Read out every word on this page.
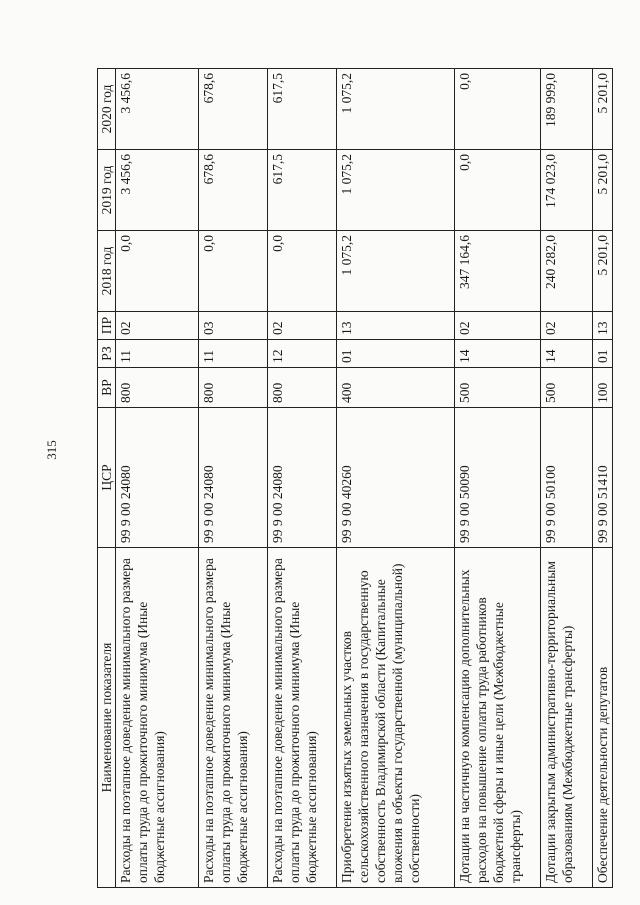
315
Наименование показателя	ЦСР	ВР	РЗ	ПР	2018 год	2019 год	2020 год
Расходы на поэтапное доведение минимального размера оплаты труда до прожиточного минимума (Иные бюджетные ассигнования)	99 9 00 24080	800	11	02	0,0	3 456,6	3 456,6
Расходы на поэтапное доведение минимального размера оплаты труда до прожиточного минимума (Иные бюджетные ассигнования)	99 9 00 24080	800	11	03	0,0	678,6	678,6
Расходы на поэтапное доведение минимального размера оплаты труда до прожиточного минимума (Иные бюджетные ассигнования)	99 9 00 24080	800	12	02	0,0	617,5	617,5
Приобретение изъятых земельных участков сельскохозяйственного назначения в государственную собственность Владимирской области (Капитальные вложения в объекты государственной (муниципальной) собственности)	99 9 00 40260	400	01	13	1 075,2	1 075,2	1 075,2
Дотации на частичную компенсацию дополнительных расходов на повышение оплаты труда работников бюджетной сферы и иные цели (Межбюджетные трансферты)	99 9 00 50090	500	14	02	347 164,6	0,0	0,0
Дотации закрытым административно-территориальным образованиям (Межбюджетные трансферты)	99 9 00 50100	500	14	02	240 282,0	174 023,0	189 999,0
Обеспечение деятельности депутатов	99 9 00 51410	100	01	13	5 201,0	5 201,0	5 201,0
